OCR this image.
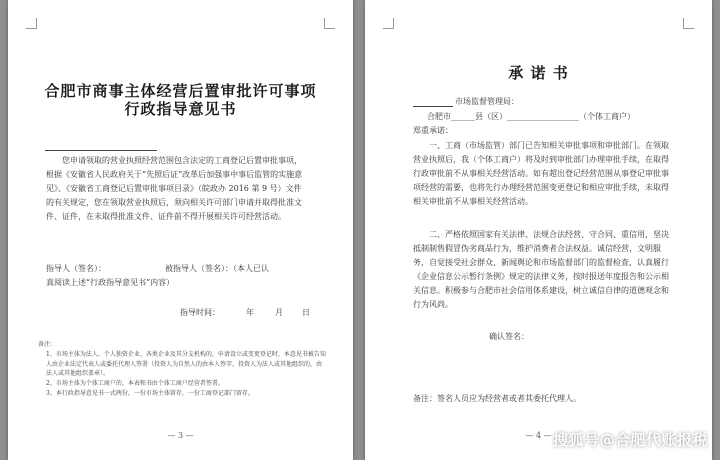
合肥市商事主体经营后置审批许可事项
行政指导意见书
您申请领取的营业执照经营范围包含法定的工商登记后置审批事项，根据《安徽省人民政府关于“先照后证”改革后加强事中事后监管的实施意见》、《安徽省工商登记后置审批事项目录》（皖政办 2016 第 9 号）文件的有关规定，您在领取营业执照后，须向相关许可部门申请并取得批准文件、证件，在未取得批准文件、证件前不得开展相关许可经营活动。
指导人（签名）：	被指导人（签名）：（本人已认
真阅读上述“行政指导意见书”内容）
指导时间：	年	月 日
备注：
1、市场主体为法人、个人独资企业、各类企业及其分支机构的，申请设立或变更登记时，本意见书被告知人由企业法定代表人或委托代理人签署（投资人为自然人的由本人签字，投资人为法人或其他组织的，由法人或其他组织盖章）。
2、市场主体为个体工商户的，本表和书由个体工商户经营者签署。
3、本行政指导意见书一式两份，一份市场主体留存，一份工商登记部门留存。
— 3 —
承 诺 书
市场监督管理局：
合肥市______县（区）__________________（个体工商户）
郑重承诺：
一、工商（市场监管）部门已告知相关审批事项和审批部门。在领取营业执照后，我（个体工商户）将及时到审批部门办理审批手续，在取得行政审批前不从事相关经营活动。如有超出登记经营范围从事登记审批事项经营的需要，也将先行办理经营范围变更登记和相应审批手续，未取得相关审批前不从事相关经营活动。
二、严格依照国家有关法律、法规合法经营、守合同、重信用，坚决抵制制售假冒伪劣商品行为，维护消费者合法权益。诚信经营，文明服务，自觉接受社会群众、新闻舆论和市场监督部门的监督检查，认真履行《企业信息公示暂行条例》规定的法律义务，按时报送年度报告和公示相关信息。积极参与合肥市社会信用体系建设，树立诚信自律的道德观念和行为风尚。
确认签名：
备注：签名人员应为经营者或者其委托代理人。
— 4 — 搜狐号@合肥代账报税
